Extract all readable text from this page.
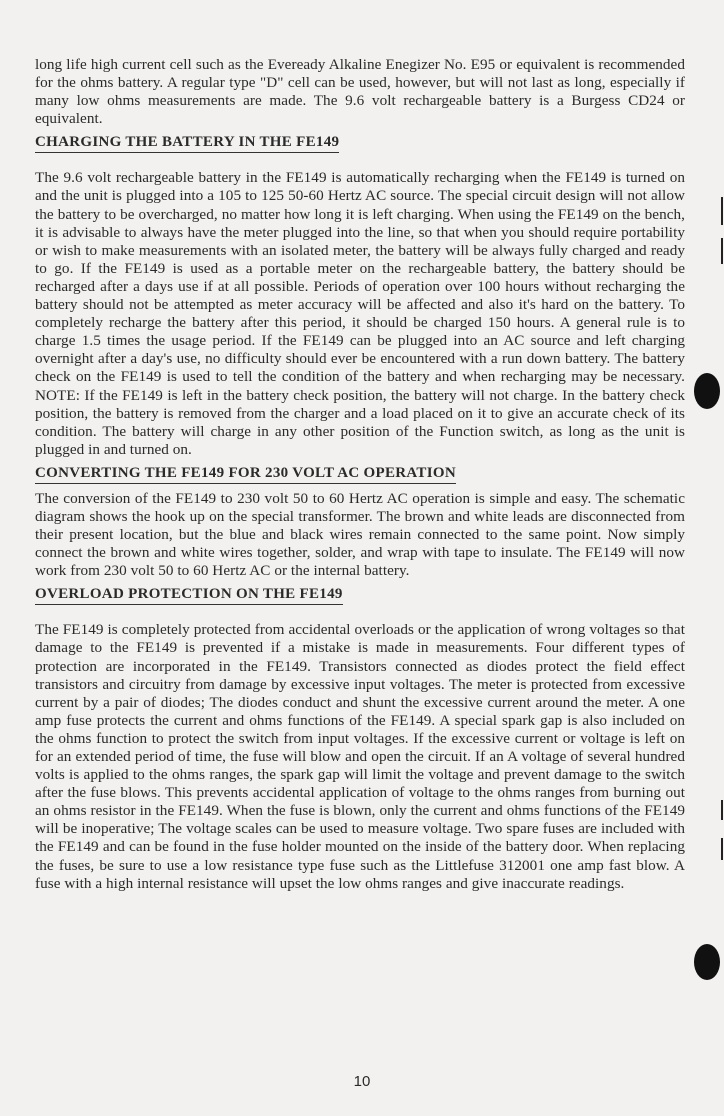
long life high current cell such as the Eveready Alkaline Enegizer No. E95 or equivalent is recommended for the ohms battery. A regular type "D" cell can be used, however, but will not last as long, especially if many low ohms measurements are made. The 9.6 volt rechargeable battery is a Burgess CD24 or equivalent.

CHARGING THE BATTERY IN THE FE149

The 9.6 volt rechargeable battery in the FE149 is automatically recharging when the FE149 is turned on and the unit is plugged into a 105 to 125 50-60 Hertz AC source. The special circuit design will not allow the battery to be overcharged, no matter how long it is left charging. When using the FE149 on the bench, it is advisable to always have the meter plugged into the line, so that when you should require portability or wish to make measurements with an isolated meter, the battery will be always fully charged and ready to go. If the FE149 is used as a portable meter on the rechargeable battery, the battery should be recharged after a days use if at all possible. Periods of operation over 100 hours without recharging the battery should not be attempted as meter accuracy will be affected and also it's hard on the battery. To completely recharge the battery after this period, it should be charged 150 hours. A general rule is to charge 1.5 times the usage period. If the FE149 can be plugged into an AC source and left charging overnight after a day's use, no difficulty should ever be encountered with a run down battery. The battery check on the FE149 is used to tell the condition of the battery and when recharging may be necessary. NOTE: If the FE149 is left in the battery check position, the battery will not charge. In the battery check position, the battery is removed from the charger and a load placed on it to give an accurate check of its condition. The battery will charge in any other position of the Function switch, as long as the unit is plugged in and turned on.

CONVERTING THE FE149 FOR 230 VOLT AC OPERATION

The conversion of the FE149 to 230 volt 50 to 60 Hertz AC operation is simple and easy. The schematic diagram shows the hook up on the special transformer. The brown and white leads are disconnected from their present location, but the blue and black wires remain connected to the same point. Now simply connect the brown and white wires together, solder, and wrap with tape to insulate. The FE149 will now work from 230 volt 50 to 60 Hertz AC or the internal battery.

OVERLOAD PROTECTION ON THE FE149

The FE149 is completely protected from accidental overloads or the application of wrong voltages so that damage to the FE149 is prevented if a mistake is made in measurements. Four different types of protection are incorporated in the FE149. Transistors connected as diodes protect the field effect transistors and circuitry from damage by excessive input voltages. The meter is protected from excessive current by a pair of diodes; The diodes conduct and shunt the excessive current around the meter. A one amp fuse protects the current and ohms functions of the FE149. A special spark gap is also included on the ohms function to protect the switch from input voltages. If the excessive current or voltage is left on for an extended period of time, the fuse will blow and open the circuit. If an A voltage of several hundred volts is applied to the ohms ranges, the spark gap will limit the voltage and prevent damage to the switch after the fuse blows. This prevents accidental application of voltage to the ohms ranges from burning out an ohms resistor in the FE149. When the fuse is blown, only the current and ohms functions of the FE149 will be inoperative; The voltage scales can be used to measure voltage. Two spare fuses are included with the FE149 and can be found in the fuse holder mounted on the inside of the battery door. When replacing the fuses, be sure to use a low resistance type fuse such as the Littlefuse 312001 one amp fast blow. A fuse with a high internal resistance will upset the low ohms ranges and give inaccurate readings.

10
